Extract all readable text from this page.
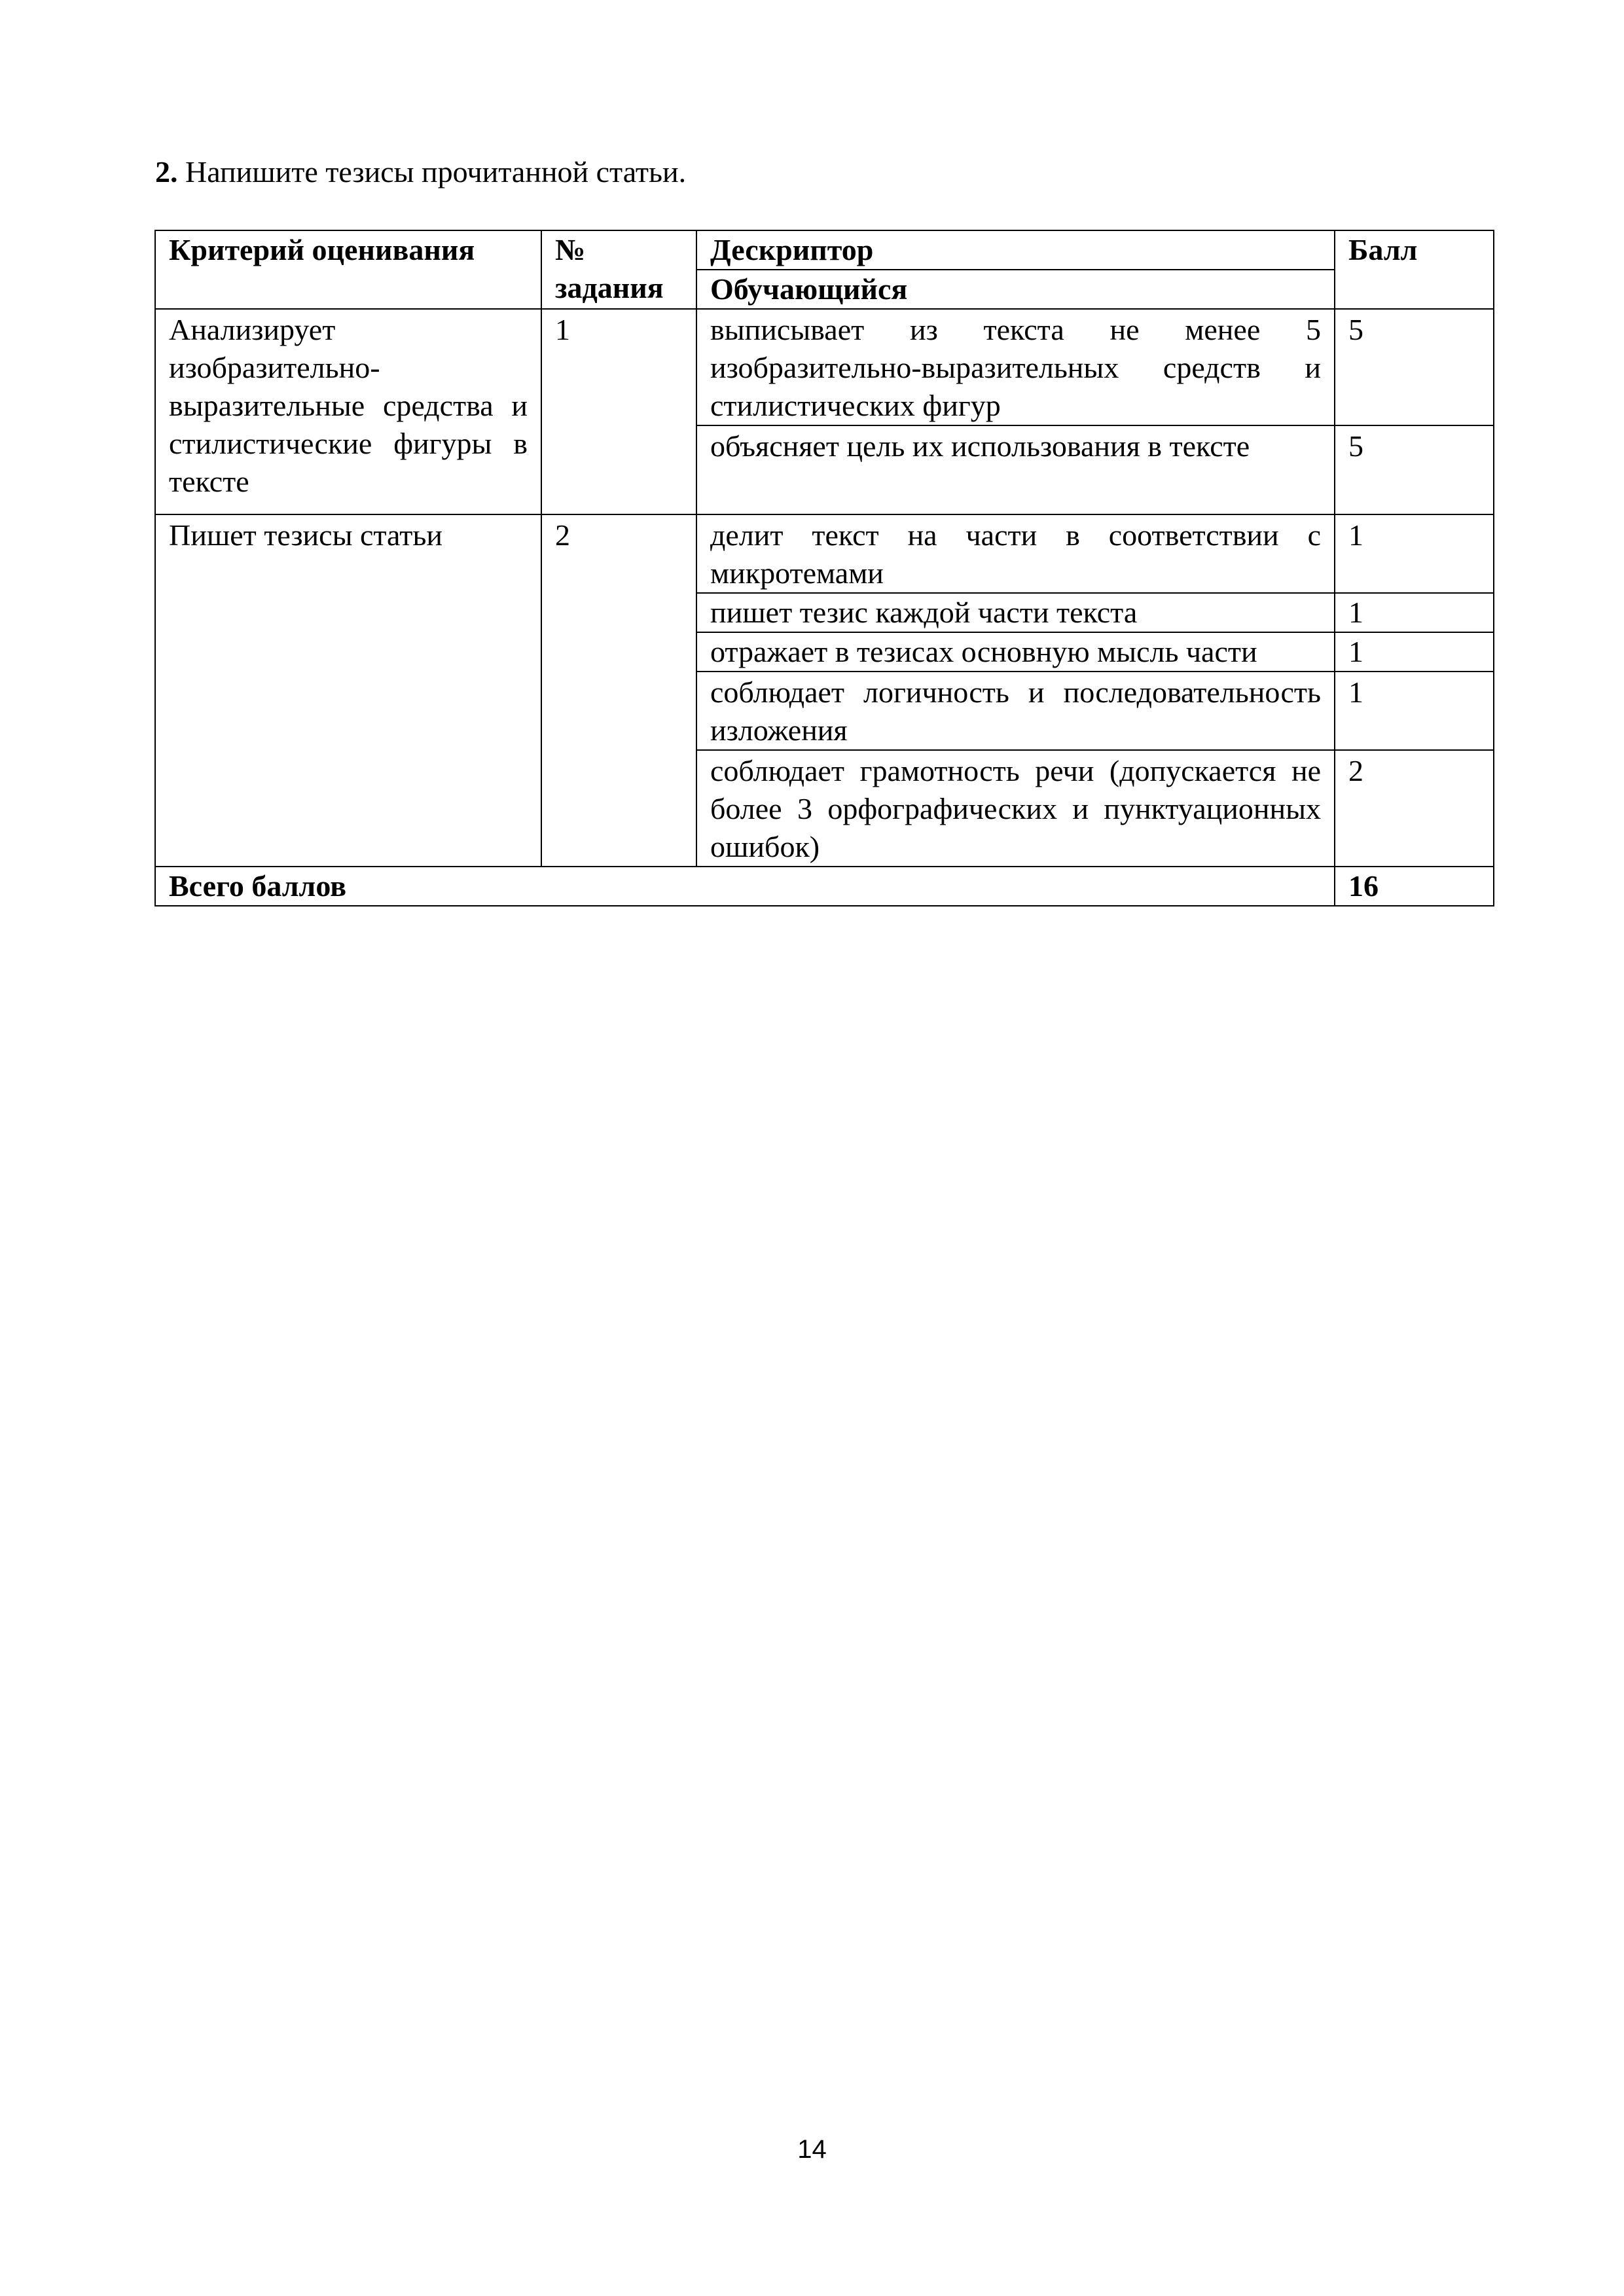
2. Напишите тезисы прочитанной статьи.
Критерий оценивания	№ задания	Дескриптор	Балл
		Обучающийся	
Анализирует изобразительно-выразительные средства и стилистические фигуры в тексте	1	выписывает из текста не менее 5 изобразительно-выразительных средств и стилистических фигур	5
		объясняет цель их использования в тексте	5
Пишет тезисы статьи	2	делит текст на части в соответствии с микротемами	1
		пишет тезис каждой части текста	1
		отражает в тезисах основную мысль части	1
		соблюдает логичность и последовательность изложения	1
		соблюдает грамотность речи (допускается не более 3 орфографических и пунктуационных ошибок)	2
Всего баллов			16
14
